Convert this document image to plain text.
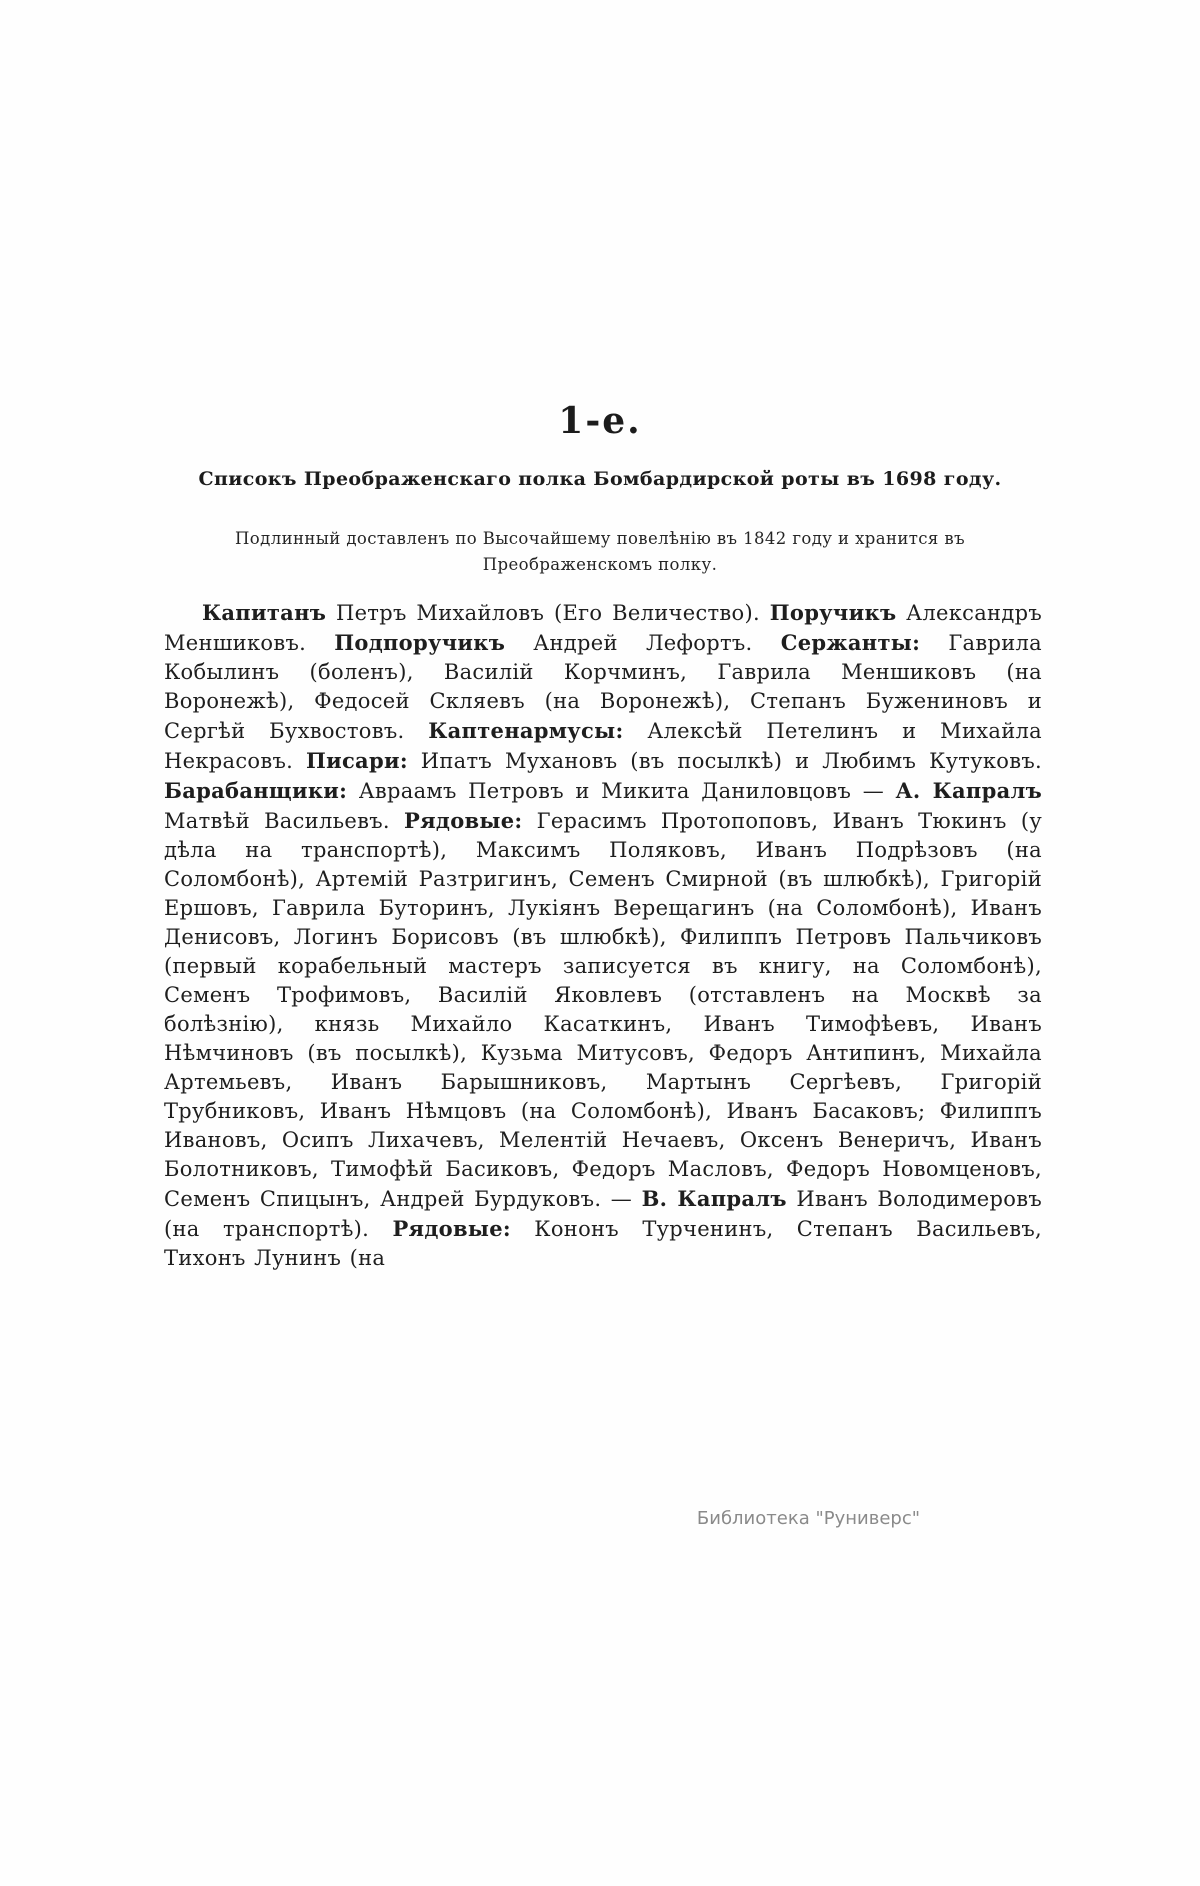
1-е.
Списокъ Преображенскаго полка Бомбардирской роты въ 1698 году.

Подлинный доставленъ по Высочайшему повелѣнію въ 1842 году и хранится въ Преображенскомъ полку.

Капитанъ Петръ Михайловъ (Его Величество). Поручикъ Александръ Меншиковъ. Подпоручикъ Андрей Лефортъ. Сержанты: Гаврила Кобылинъ (боленъ), Василій Корчминъ, Гаврила Меншиковъ (на Воронежѣ), Федосей Скляевъ (на Воронежѣ), Степанъ Бужениновъ и Сергѣй Бухвостовъ. Каптенармусы: Алексѣй Петелинъ и Михайла Некрасовъ. Писари: Ипатъ Мухановъ (въ посылкѣ) и Любимъ Кутуковъ. Барабанщики: Авраамъ Петровъ и Микита Даниловцовъ — А. Капралъ Матвѣй Васильевъ. Рядовые: Герасимъ Протопоповъ, Иванъ Тюкинъ (у дѣла на транспортѣ), Максимъ Поляковъ, Иванъ Подрѣзовъ (на Соломбонѣ), Артемій Разтригинъ, Семенъ Смирной (въ шлюбкѣ), Григорій Ершовъ, Гаврила Буторинъ, Лукіянъ Верещагинъ (на Соломбонѣ), Иванъ Денисовъ, Логинъ Борисовъ (въ шлюбкѣ), Филиппъ Петровъ Пальчиковъ (первый корабельный мастеръ записуется въ книгу, на Соломбонѣ), Семенъ Трофимовъ, Василій Яковлевъ (отставленъ на Москвѣ за болѣзнію), князь Михайло Касаткинъ, Иванъ Тимофѣевъ, Иванъ Нѣмчиновъ (въ посылкѣ), Кузьма Митусовъ, Федоръ Антипинъ, Михайла Артемьевъ, Иванъ Барышниковъ, Мартынъ Сергѣевъ, Григорій Трубниковъ, Иванъ Нѣмцовъ (на Соломбонѣ), Иванъ Басаковъ; Филиппъ Ивановъ, Осипъ Лихачевъ, Мелентій Нечаевъ, Оксенъ Венеричъ, Иванъ Болотниковъ, Тимофѣй Басиковъ, Федоръ Масловъ, Федоръ Новомценовъ, Семенъ Спицынъ, Андрей Бурдуковъ. — В. Капралъ Иванъ Володимеровъ (на транспортѣ). Рядовые: Кононъ Турченинъ, Степанъ Васильевъ, Тихонъ Лунинъ (на

Библиотека "Руниверс"
